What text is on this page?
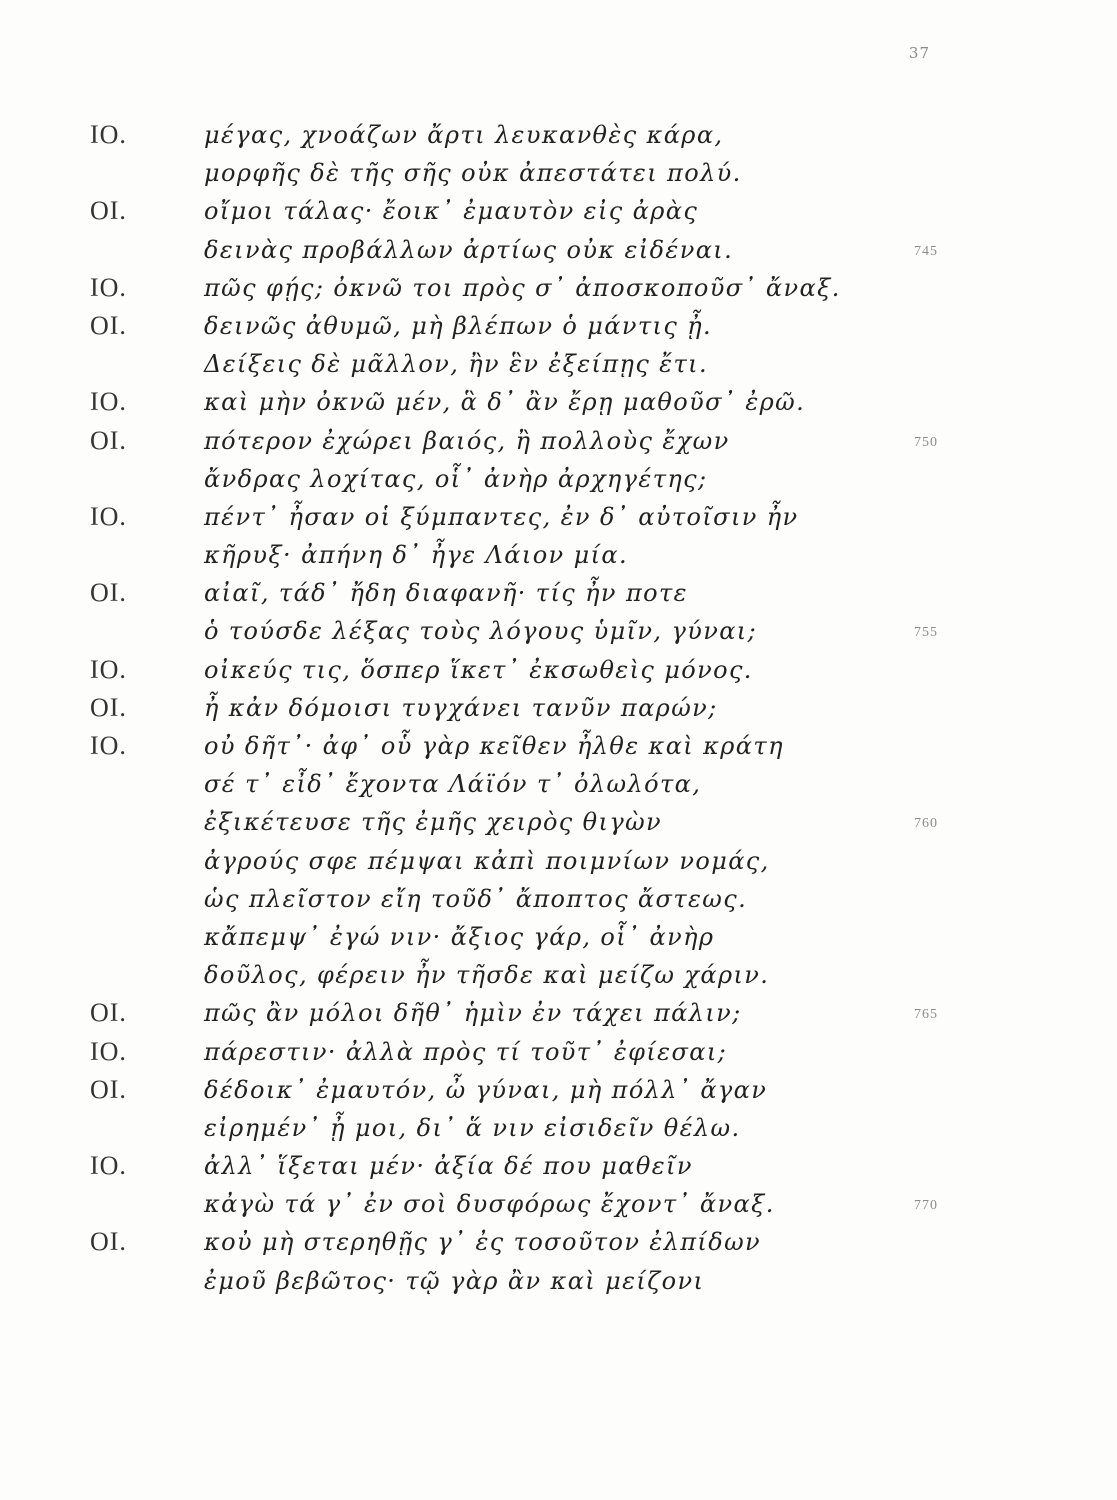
37
ΙΟ.	μέγας, χνοάζων ἄρτι λευκανθὲς κάρα,
μορφῆς δὲ τῆς σῆς οὐκ ἀπεστάτει πολύ.
ΟΙ.	οἴμοι τάλας· ἔοικ᾽ ἐμαυτὸν εἰς ἀρὰς
δεινὰς προβάλλων ἀρτίως οὐκ εἰδέναι.	745
ΙΟ.	πῶς φῄς; ὀκνῶ τοι πρὸς σ᾽ ἀποσκοποῦσ᾽ ἄναξ.
ΟΙ.	δεινῶς ἀθυμῶ, μὴ βλέπων ὁ μάντις ᾖ.
Δείξεις δὲ μᾶλλον, ἢν ἓν ἐξείπῃς ἔτι.
ΙΟ.	καὶ μὴν ὀκνῶ μέν, ἃ δ᾽ ἂν ἔρῃ μαθοῦσ᾽ ἐρῶ.
ΟΙ.	πότερον ἐχώρει βαιός, ἢ πολλοὺς ἔχων	750
ἄνδρας λοχίτας, οἷ᾽ ἀνὴρ ἀρχηγέτης;
ΙΟ.	πέντ᾽ ἦσαν οἱ ξύμπαντες, ἐν δ᾽ αὐτοῖσιν ἦν
κῆρυξ· ἀπήνη δ᾽ ἦγε Λάιον μία.
ΟΙ.	αἰαῖ, τάδ᾽ ἤδη διαφανῆ· τίς ἦν ποτε
ὁ τούσδε λέξας τοὺς λόγους ὑμῖν, γύναι;	755
ΙΟ.	οἰκεύς τις, ὅσπερ ἵκετ᾽ ἐκσωθεὶς μόνος.
ΟΙ.	ἦ κἀν δόμοισι τυγχάνει τανῦν παρών;
ΙΟ.	οὐ δῆτ᾽· ἀφ᾽ οὗ γὰρ κεῖθεν ἦλθε καὶ κράτη
σέ τ᾽ εἶδ᾽ ἔχοντα Λάϊόν τ᾽ ὀλωλότα,
ἐξικέτευσε τῆς ἐμῆς χειρὸς θιγὼν	760
ἀγρούς σφε πέμψαι κἀπὶ ποιμνίων νομάς,
ὡς πλεῖστον εἴη τοῦδ᾽ ἄποπτος ἄστεως.
κἄπεμψ᾽ ἐγώ νιν· ἄξιος γάρ, οἷ᾽ ἀνὴρ
δοῦλος, φέρειν ἦν τῆσδε καὶ μείζω χάριν.
ΟΙ.	πῶς ἂν μόλοι δῆθ᾽ ἡμὶν ἐν τάχει πάλιν;	765
ΙΟ.	πάρεστιν· ἀλλὰ πρὸς τί τοῦτ᾽ ἐφίεσαι;
ΟΙ.	δέδοικ᾽ ἐμαυτόν, ὦ γύναι, μὴ πόλλ᾽ ἄγαν
εἰρημέν᾽ ᾖ μοι, δι᾽ ἅ νιν εἰσιδεῖν θέλω.
ΙΟ.	ἀλλ᾽ ἵξεται μέν· ἀξία δέ που μαθεῖν
κἀγὼ τά γ᾽ ἐν σοὶ δυσφόρως ἔχοντ᾽ ἄναξ.	770
ΟΙ.	κοὐ μὴ στερηθῇς γ᾽ ἐς τοσοῦτον ἐλπίδων
ἐμοῦ βεβῶτος· τῷ γὰρ ἂν καὶ μείζονι
